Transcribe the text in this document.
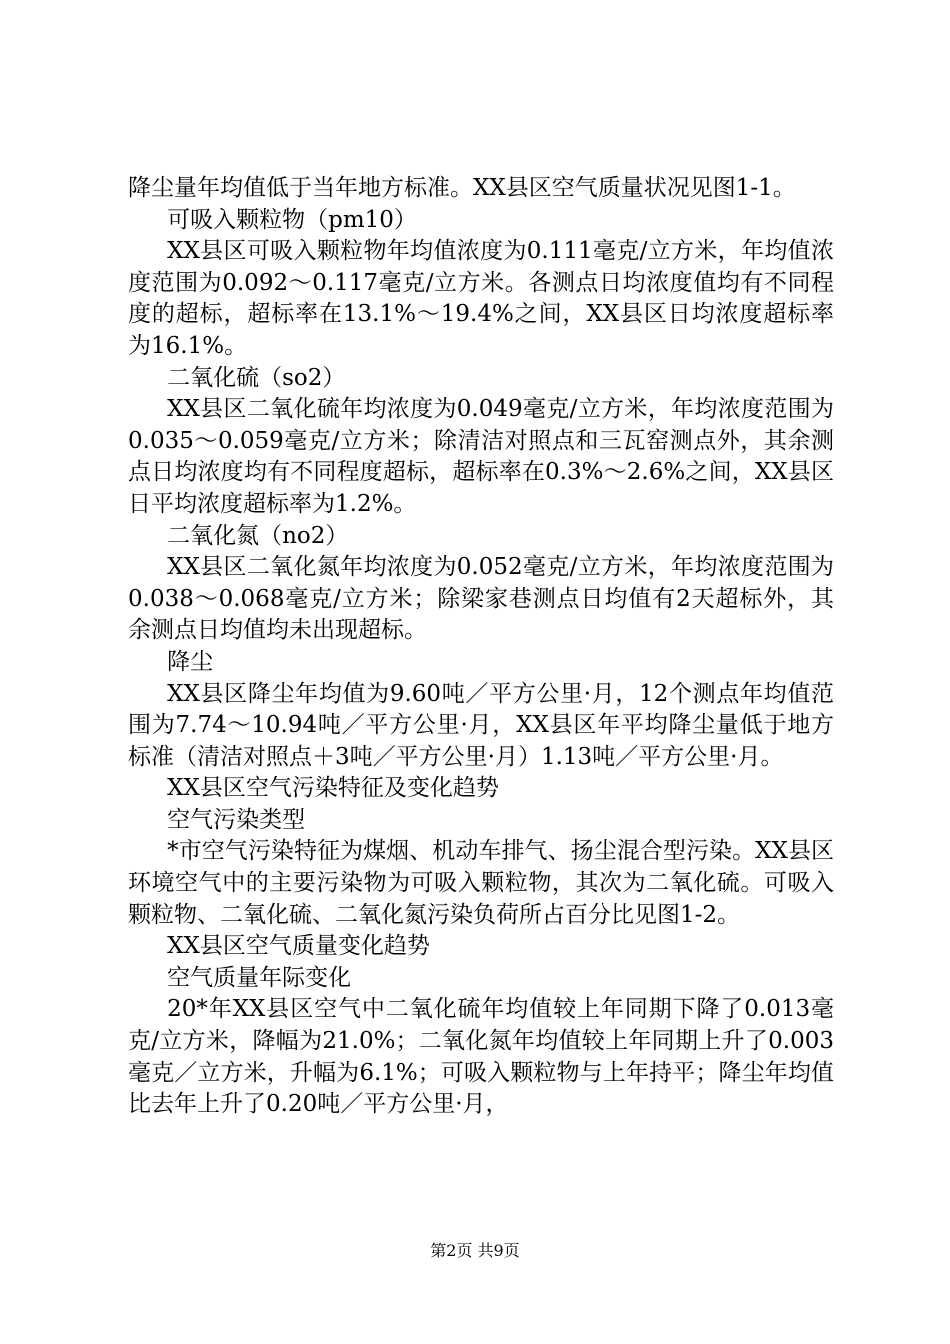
降尘量年均值低于当年地方标准。XX县区空气质量状况见图1-1。

可吸入颗粒物（pm10）

XX县区可吸入颗粒物年均值浓度为0.111毫克/立方米，年均值浓度范围为0.092～0.117毫克/立方米。各测点日均浓度值均有不同程度的超标，超标率在13.1%～19.4%之间，XX县区日均浓度超标率为16.1%。

二氧化硫（so2）

XX县区二氧化硫年均浓度为0.049毫克/立方米，年均浓度范围为0.035～0.059毫克/立方米；除清洁对照点和三瓦窑测点外，其余测点日均浓度均有不同程度超标，超标率在0.3%～2.6%之间，XX县区日平均浓度超标率为1.2%。

二氧化氮（no2）

XX县区二氧化氮年均浓度为0.052毫克/立方米，年均浓度范围为0.038～0.068毫克/立方米；除梁家巷测点日均值有2天超标外，其余测点日均值均未出现超标。

降尘

XX县区降尘年均值为9.60吨／平方公里·月，12个测点年均值范围为7.74～10.94吨／平方公里·月，XX县区年平均降尘量低于地方标准（清洁对照点＋3吨／平方公里·月）1.13吨／平方公里·月。

XX县区空气污染特征及变化趋势

空气污染类型

*市空气污染特征为煤烟、机动车排气、扬尘混合型污染。XX县区环境空气中的主要污染物为可吸入颗粒物，其次为二氧化硫。可吸入颗粒物、二氧化硫、二氧化氮污染负荷所占百分比见图1-2。

XX县区空气质量变化趋势

空气质量年际变化

20*年XX县区空气中二氧化硫年均值较上年同期下降了0.013毫克/立方米，降幅为21.0%；二氧化氮年均值较上年同期上升了0.003毫克／立方米，升幅为6.1%；可吸入颗粒物与上年持平；降尘年均值比去年上升了0.20吨／平方公里·月，

第2页 共9页
